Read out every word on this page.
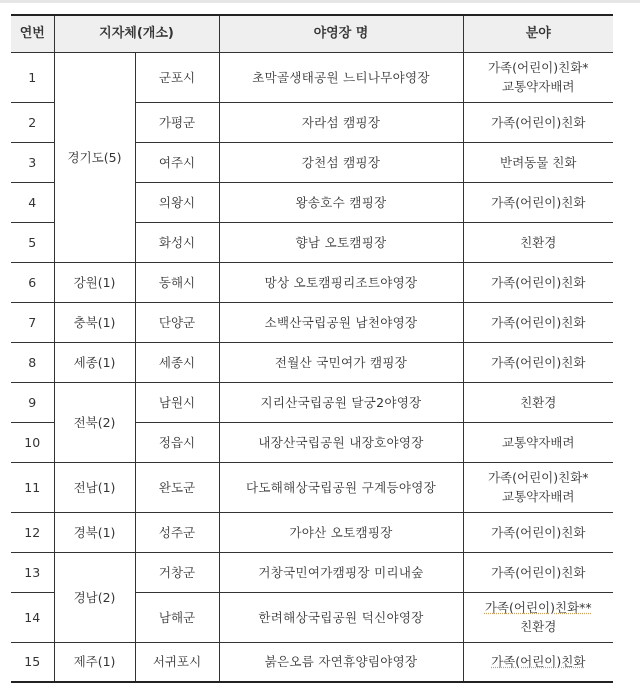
연번	지자체(개소)		야영장 명	분야
1	경기도(5)	군포시	초막골생태공원 느티나무야영장	가족(어린이)친화*
교통약자배려

2		가평군	자라섬 캠핑장	가족(어린이)친화
3		여주시	강천섬 캠핑장	반려동물 친화
4		의왕시	왕송호수 캠핑장	가족(어린이)친화
5		화성시	향남 오토캠핑장	친환경
6	강원(1)	동해시	망상 오토캠핑리조트야영장	가족(어린이)친화
7	충북(1)	단양군	소백산국립공원 남천야영장	가족(어린이)친화
8	세종(1)	세종시	전월산 국민여가 캠핑장	가족(어린이)친화
9	전북(2)	남원시	지리산국립공원 달궁2야영장	친환경
10		정읍시	내장산국립공원 내장호야영장	교통약자배려
11	전남(1)	완도군	다도해해상국립공원 구계등야영장	가족(어린이)친화*
교통약자배려

12	경북(1)	성주군	가야산 오토캠핑장	가족(어린이)친화
13	경남(2)	거창군	거창국민여가캠핑장 미리내숲	가족(어린이)친화
14		남해군	한려해상국립공원 덕신야영장	가족(어린이)친화**
친환경

15	제주(1)	서귀포시	붉은오름 자연휴양림야영장	가족(어린이)친화
